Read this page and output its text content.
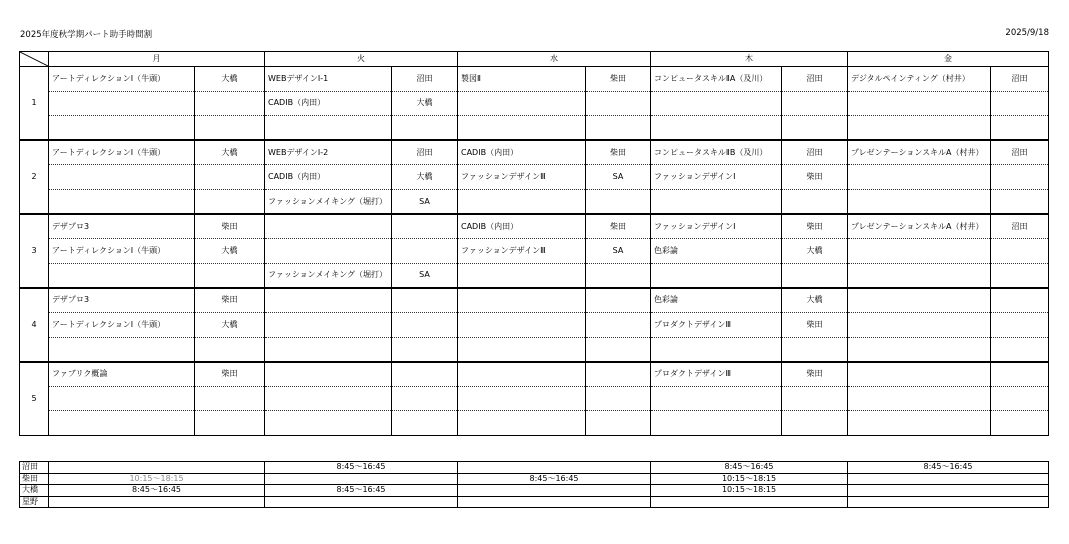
2025年度秋学期パート助手時間割	2025/9/18
	月		火		水		木		金	
1	アートディレクションⅠ（牛頭）	大橋	WEBデザインI-1	沼田	製図Ⅱ	柴田	コンピュータスキルⅡA（及川）	沼田	デジタルペインティング（村井）	沼田
			CADIB（内田）	大橋						

2	アートディレクションⅠ（牛頭）	大橋	WEBデザインI-2	沼田	CADIB（内田）	柴田	コンピュータスキルⅡB（及川）	沼田	プレゼンテーションスキルA（村井）	沼田
			CADIB（内田）	大橋	ファッションデザインⅢ	SA	ファッションデザインⅠ	柴田		
			ファッションメイキング（堀打）	SA						
3	デザプロ3	柴田			CADIB（内田）	柴田	ファッションデザインⅠ	柴田	プレゼンテーションスキルA（村井）	沼田
	アートディレクションⅠ（牛頭）	大橋			ファッションデザインⅢ	SA	色彩論	大橋		
			ファッションメイキング（堀打）	SA						
4	デザプロ3	柴田					色彩論	大橋		
	アートディレクションⅠ（牛頭）	大橋					プロダクトデザインⅢ	柴田		

5	ファブリク概論	柴田					プロダクトデザインⅢ	柴田		

沼田		8:45～16:45		8:45～16:45	8:45～16:45
柴田	10:15～18:15		8:45～16:45	10:15～18:15	
大橋	8:45～16:45	8:45～16:45		10:15～18:15	
星野					
